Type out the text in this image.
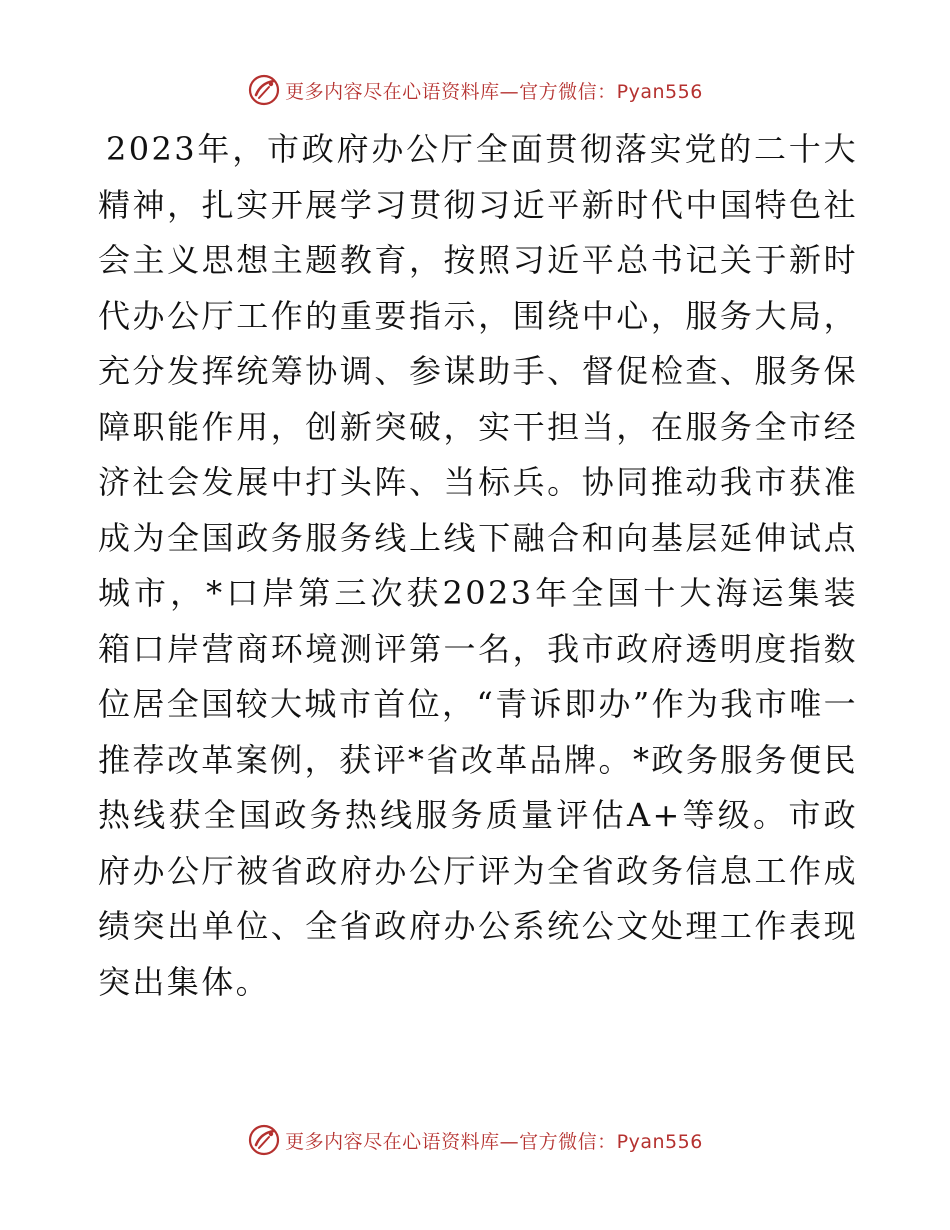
更多内容尽在心语资料库—官方微信：Pyan556

2023年，市政府办公厅全面贯彻落实党的二十大精神，扎实开展学习贯彻习近平新时代中国特色社会主义思想主题教育，按照习近平总书记关于新时代办公厅工作的重要指示，围绕中心，服务大局，充分发挥统筹协调、参谋助手、督促检查、服务保障职能作用，创新突破，实干担当，在服务全市经济社会发展中打头阵、当标兵。协同推动我市获准成为全国政务服务线上线下融合和向基层延伸试点城市，*口岸第三次获2023年全国十大海运集装箱口岸营商环境测评第一名，我市政府透明度指数位居全国较大城市首位，“青诉即办”作为我市唯一推荐改革案例，获评*省改革品牌。*政务服务便民热线获全国政务热线服务质量评估A+等级。市政府办公厅被省政府办公厅评为全省政务信息工作成绩突出单位、全省政府办公系统公文处理工作表现突出集体。

更多内容尽在心语资料库—官方微信：Pyan556
